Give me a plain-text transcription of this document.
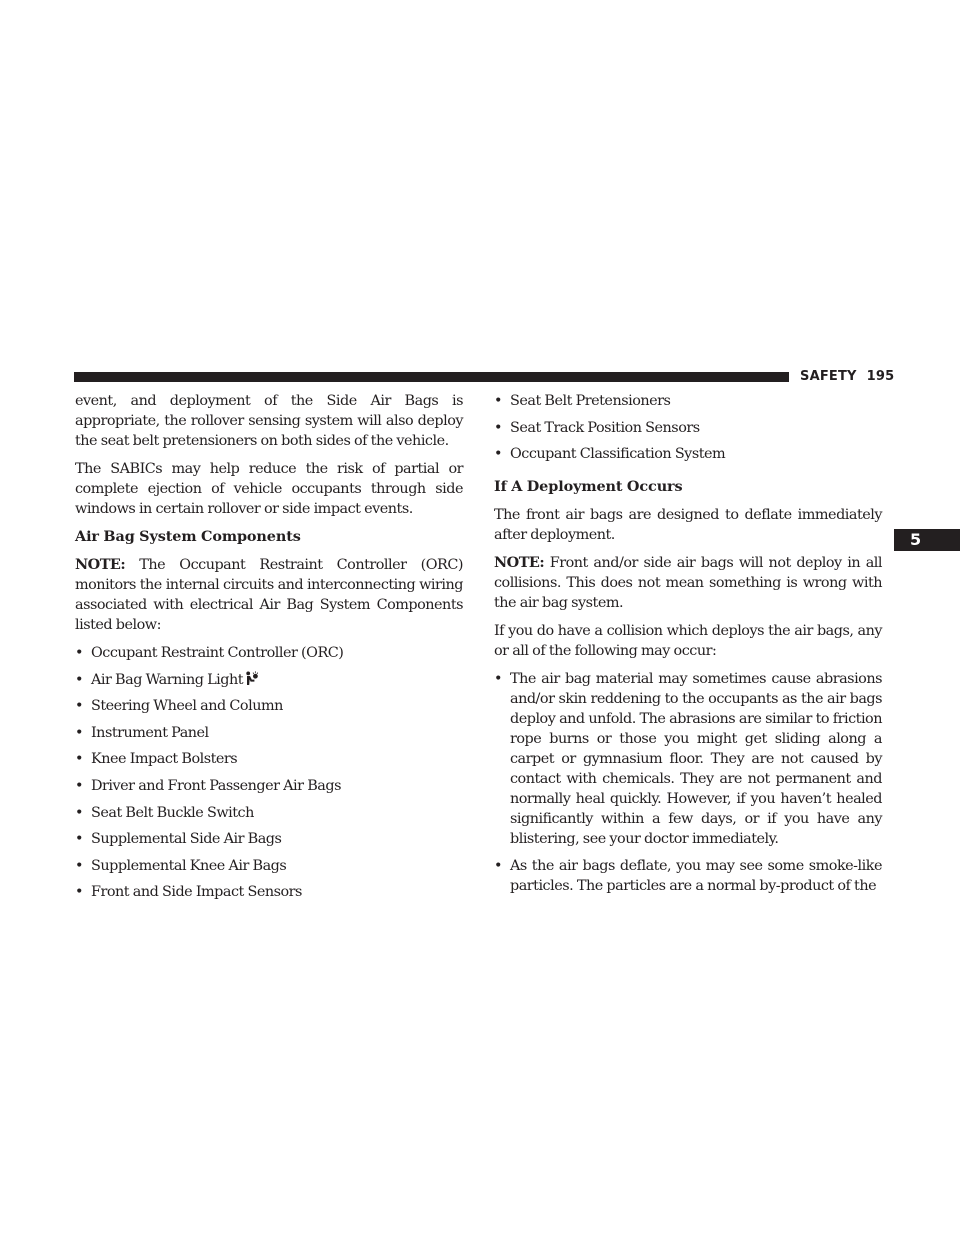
SAFETY 195
5

event, and deployment of the Side Air Bags is appropriate, the rollover sensing system will also deploy the seat belt pretensioners on both sides of the vehicle.

The SABICs may help reduce the risk of partial or complete ejection of vehicle occupants through side windows in certain rollover or side impact events.

Air Bag System Components

NOTE: The Occupant Restraint Controller (ORC) monitors the internal circuits and interconnecting wiring associated with electrical Air Bag System Components listed below:

• Occupant Restraint Controller (ORC)
• Air Bag Warning Light
• Steering Wheel and Column
• Instrument Panel
• Knee Impact Bolsters
• Driver and Front Passenger Air Bags
• Seat Belt Buckle Switch
• Supplemental Side Air Bags
• Supplemental Knee Air Bags
• Front and Side Impact Sensors
• Seat Belt Pretensioners
• Seat Track Position Sensors
• Occupant Classification System
If A Deployment Occurs

The front air bags are designed to deflate immediately after deployment.

NOTE: Front and/or side air bags will not deploy in all collisions. This does not mean something is wrong with the air bag system.

If you do have a collision which deploys the air bags, any or all of the following may occur:

• The air bag material may sometimes cause abrasions and/or skin reddening to the occupants as the air bags deploy and unfold. The abrasions are similar to friction rope burns or those you might get sliding along a carpet or gymnasium floor. They are not caused by contact with chemicals. They are not permanent and normally heal quickly. However, if you haven’t healed significantly within a few days, or if you have any blistering, see your doctor immediately.
• As the air bags deflate, you may see some smoke-like particles. The particles are a normal by-product of the
